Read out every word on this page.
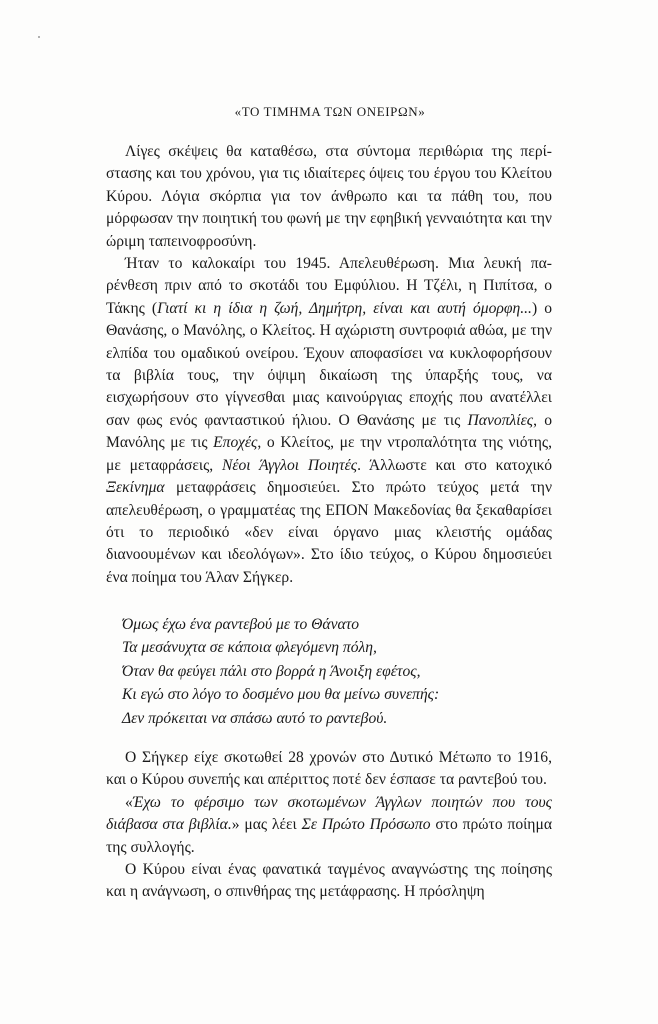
«ΤΟ ΤΙΜΗΜΑ ΤΩΝ ΟΝΕΙΡΩΝ»

Λίγες σκέψεις θα καταθέσω, στα σύντομα περιθώρια της περίστασης και του χρόνου, για τις ιδιαίτερες όψεις του έργου του Κλείτου Κύρου. Λόγια σκόρπια για τον άνθρωπο και τα πάθη του, που μόρφωσαν την ποιητική του φωνή με την εφηβική γενναιότητα και την ώριμη ταπεινοφροσύνη.

Ήταν το καλοκαίρι του 1945. Απελευθέρωση. Μια λευκή παρένθεση πριν από το σκοτάδι του Εμφύλιου. Η Τζέλι, η Πιπίτσα, ο Τάκης (Γιατί κι η ίδια η ζωή, Δημήτρη, είναι και αυτή όμορφη...) ο Θανάσης, ο Μανόλης, ο Κλείτος. Η αχώριστη συντροφιά αθώα, με την ελπίδα του ομαδικού ονείρου. Έχουν αποφασίσει να κυκλοφορήσουν τα βιβλία τους, την όψιμη δικαίωση της ύπαρξής τους, να εισχωρήσουν στο γίγνεσθαι μιας καινούργιας εποχής που ανατέλλει σαν φως ενός φανταστικού ήλιου. Ο Θανάσης με τις Πανοπλίες, ο Μανόλης με τις Εποχές, ο Κλείτος, με την ντροπαλότητα της νιότης, με μεταφράσεις, Νέοι Άγγλοι Ποιητές. Άλλωστε και στο κατοχικό Ξεκίνημα μεταφράσεις δημοσιεύει. Στο πρώτο τεύχος μετά την απελευθέρωση, ο γραμματέας της ΕΠΟΝ Μακεδονίας θα ξεκαθαρίσει ότι το περιοδικό «δεν είναι όργανο μιας κλειστής ομάδας διανοουμένων και ιδεολόγων». Στο ίδιο τεύχος, ο Κύρου δημοσιεύει ένα ποίημα του Άλαν Σήγκερ.

Όμως έχω ένα ραντεβού με το Θάνατο
Τα μεσάνυχτα σε κάποια φλεγόμενη πόλη,
Όταν θα φεύγει πάλι στο βορρά η Άνοιξη εφέτος,
Κι εγώ στο λόγο το δοσμένο μου θα μείνω συνεπής:
Δεν πρόκειται να σπάσω αυτό το ραντεβού.

Ο Σήγκερ είχε σκοτωθεί 28 χρονών στο Δυτικό Μέτωπο το 1916, και ο Κύρου συνεπής και απέριττος ποτέ δεν έσπασε τα ραντεβού του.

«Έχω το φέρσιμο των σκοτωμένων Άγγλων ποιητών που τους διάβασα στα βιβλία.» μας λέει Σε Πρώτο Πρόσωπο στο πρώτο ποίημα της συλλογής.

Ο Κύρου είναι ένας φανατικά ταγμένος αναγνώστης της ποίησης και η ανάγνωση, ο σπινθήρας της μετάφρασης. Η πρόσληψη
